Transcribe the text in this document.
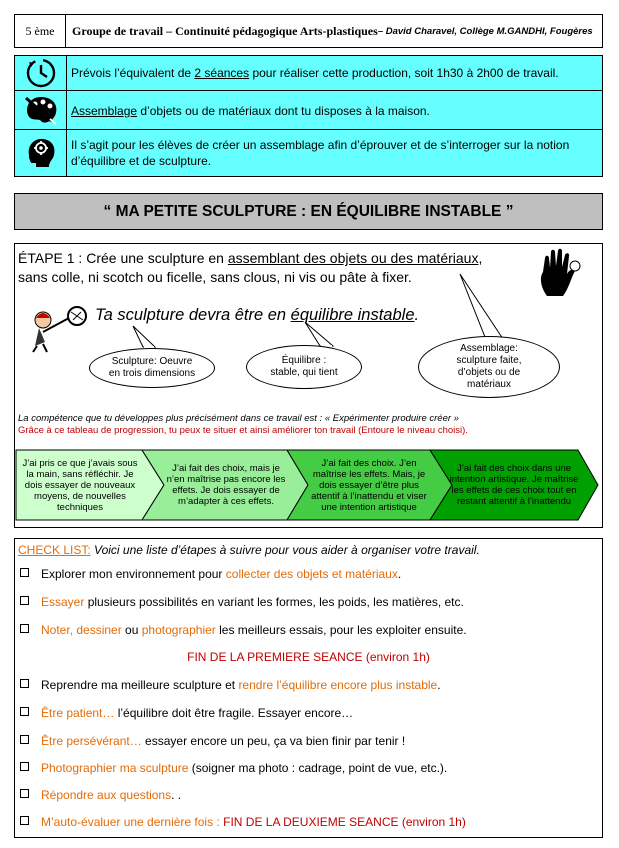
5 ème Groupe de travail – Continuité pédagogique Arts-plastiques – David Charavel, Collège M.GANDHI, Fougères
Prévois l’équivalent de 2 séances pour réaliser cette production, soit 1h30 à 2h00 de travail.
Assemblage d’objets ou de matériaux dont tu disposes à la maison.
Il s’agit pour les élèves de créer un assemblage afin d’éprouver et de s’interroger sur la notion d’équilibre et de sculpture.
“ MA PETITE SCULPTURE : EN ÉQUILIBRE INSTABLE ”
ÉTAPE 1 : Crée une sculpture en assemblant des objets ou des matériaux,
sans colle, ni scotch ou ficelle, sans clous, ni vis ou pâte à fixer.
Ta sculpture devra être en équilibre instable.
Sculpture: Oeuvre en trois dimensions
Équilibre : stable, qui tient
Assemblage: sculpture faite, d’objets ou de matériaux
La compétence que tu développes plus précisément dans ce travail est : « Expérimenter produire créer »
Grâce à ce tableau de progression, tu peux te situer et ainsi améliorer ton travail (Entoure le niveau choisi).
J’ai pris ce que j’avais sous la main, sans réfléchir. Je dois essayer de nouveaux moyens, de nouvelles techniques
J’ai fait des choix, mais je n’en maîtrise pas encore les effets. Je dois essayer de m’adapter à ces effets.
J’ai fait des choix. J’en maîtrise les effets. Mais, je dois essayer d’être plus attentif à l’inattendu et viser une intention artistique
J’ai fait des choix dans une intention artistique. Je maîtrise les effets de ces choix tout en restant attentif à l’inattendu
CHECK LIST: Voici une liste d’étapes à suivre pour vous aider à organiser votre travail.
Explorer mon environnement pour collecter des objets et matériaux.
Essayer plusieurs possibilités en variant les formes, les poids, les matières, etc.
Noter, dessiner ou photographier les meilleurs essais, pour les exploiter ensuite.
FIN DE LA PREMIERE SEANCE (environ 1h)
Reprendre ma meilleure sculpture et rendre l’équilibre encore plus instable.
Être patient… l’équilibre doit être fragile. Essayer encore…
Être persévérant… essayer encore un peu, ça va bien finir par tenir !
Photographier ma sculpture (soigner ma photo : cadrage, point de vue, etc.).
Répondre aux questions. .
M’auto-évaluer une dernière fois : FIN DE LA DEUXIEME SEANCE (environ 1h)
